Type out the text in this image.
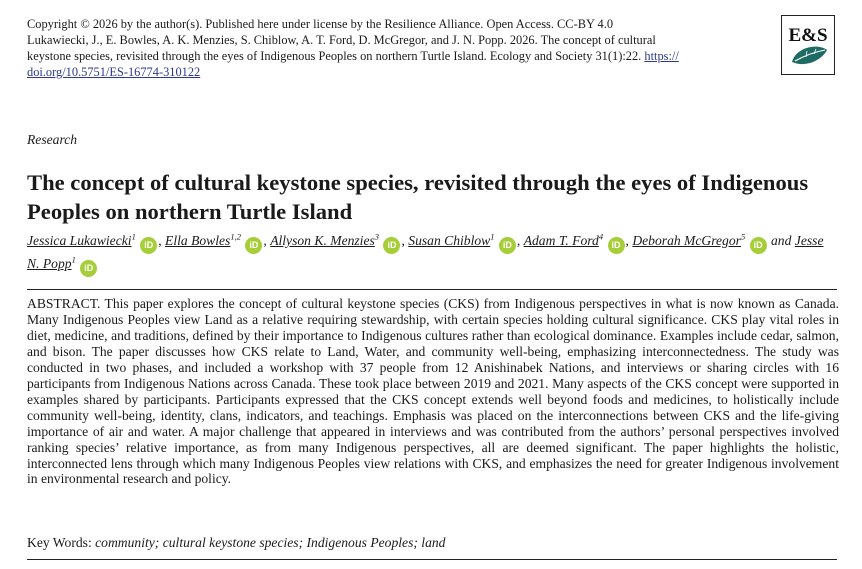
Copyright © 2026 by the author(s). Published here under license by the Resilience Alliance. Open Access. CC-BY 4.0
Lukawiecki, J., E. Bowles, A. K. Menzies, S. Chiblow, A. T. Ford, D. McGregor, and J. N. Popp. 2026. The concept of cultural
keystone species, revisited through the eyes of Indigenous Peoples on northern Turtle Island. Ecology and Society 31(1):22. https://
doi.org/10.5751/ES-16774-310122
E&S
Research
The concept of cultural keystone species, revisited through the eyes of Indigenous Peoples on northern Turtle Island
Jessica Lukawiecki$^1$ iD , Ella Bowles$^{1,2}$ iD , Allyson K. Menzies$^3$ iD , Susan Chiblow$^1$ iD , Adam T. Ford$^4$ iD , Deborah McGregor$^5$ iD and Jesse N. Popp$^1$ iD

ABSTRACT. This paper explores the concept of cultural keystone species (CKS) from Indigenous perspectives in what is now known as Canada. Many Indigenous Peoples view Land as a relative requiring stewardship, with certain species holding cultural significance. CKS play vital roles in diet, medicine, and traditions, defined by their importance to Indigenous cultures rather than ecological dominance. Examples include cedar, salmon, and bison. The paper discusses how CKS relate to Land, Water, and community well-being, emphasizing interconnectedness. The study was conducted in two phases, and included a workshop with 37 people from 12 Anishinabek Nations, and interviews or sharing circles with 16 participants from Indigenous Nations across Canada. These took place between 2019 and 2021. Many aspects of the CKS concept were supported in examples shared by participants. Participants expressed that the CKS concept extends well beyond foods and medicines, to holistically include community well-being, identity, clans, indicators, and teachings. Emphasis was placed on the interconnections between CKS and the life-giving importance of air and water. A major challenge that appeared in interviews and was contributed from the authors’ personal perspectives involved ranking species’ relative importance, as from many Indigenous perspectives, all are deemed significant. The paper highlights the holistic, interconnected lens through which many Indigenous Peoples view relations with CKS, and emphasizes the need for greater Indigenous involvement in environmental research and policy.

Key Words: community; cultural keystone species; Indigenous Peoples; land
